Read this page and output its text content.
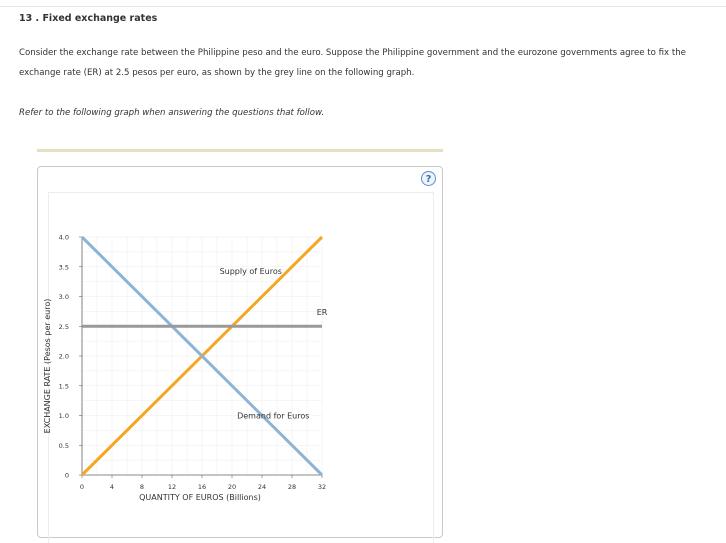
13 . Fixed exchange rates
Consider the exchange rate between the Philippine peso and the euro. Suppose the Philippine government and the eurozone governments agree to fix the exchange rate (ER) at 2.5 pesos per euro, as shown by the grey line on the following graph.
Refer to the following graph when answering the questions that follow.
?
0	4	8	12	16	20	24	28	32
0
0.5
1.0
1.5
2.0
2.5
3.0
3.5
4.0
Supply of Euros
ER
Demand for Euros
QUANTITY OF EUROS (Billions)
EXCHANGE RATE (Pesos per euro)
